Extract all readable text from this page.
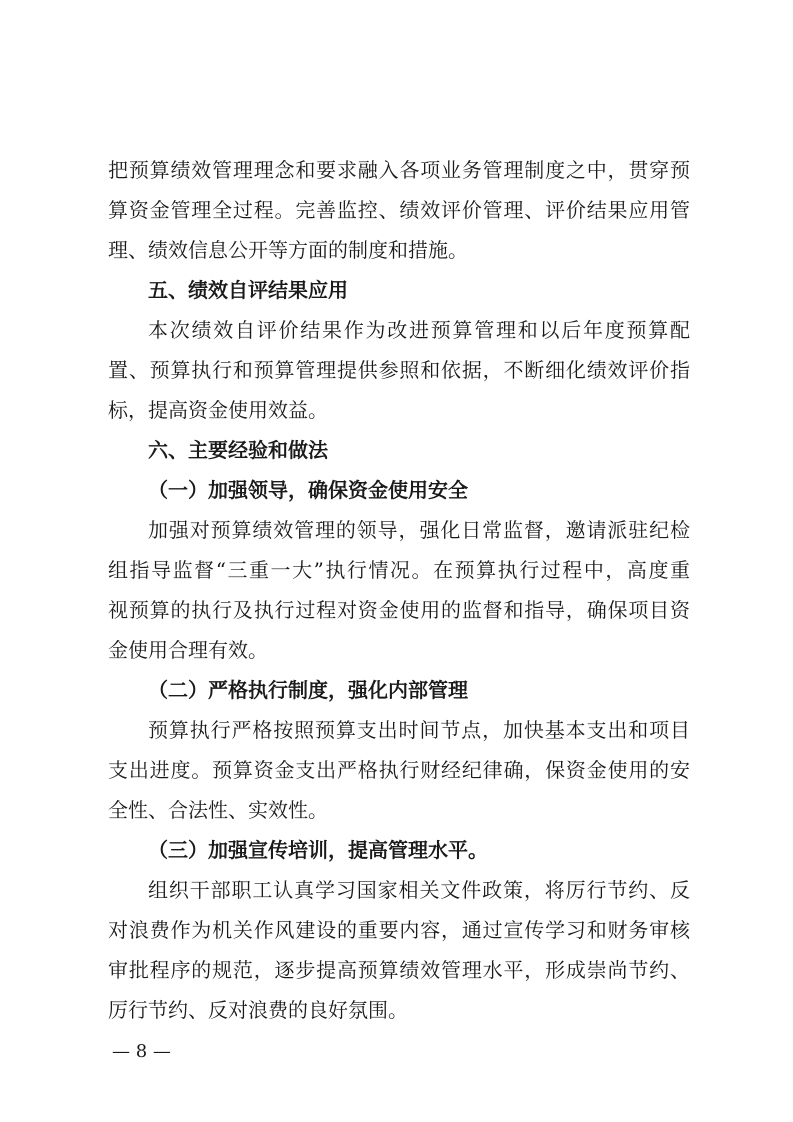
把预算绩效管理理念和要求融入各项业务管理制度之中，贯穿预
算资金管理全过程。完善监控、绩效评价管理、评价结果应用管
理、绩效信息公开等方面的制度和措施。
五、绩效自评结果应用
本次绩效自评价结果作为改进预算管理和以后年度预算配
置、预算执行和预算管理提供参照和依据，不断细化绩效评价指
标，提高资金使用效益。
六、主要经验和做法
（一）加强领导，确保资金使用安全
加强对预算绩效管理的领导，强化日常监督，邀请派驻纪检
组指导监督“三重一大”执行情况。在预算执行过程中，高度重
视预算的执行及执行过程对资金使用的监督和指导，确保项目资
金使用合理有效。
（二）严格执行制度，强化内部管理
预算执行严格按照预算支出时间节点，加快基本支出和项目
支出进度。预算资金支出严格执行财经纪律确，保资金使用的安
全性、合法性、实效性。
（三）加强宣传培训，提高管理水平。
组织干部职工认真学习国家相关文件政策，将厉行节约、反
对浪费作为机关作风建设的重要内容，通过宣传学习和财务审核
审批程序的规范，逐步提高预算绩效管理水平，形成崇尚节约、
厉行节约、反对浪费的良好氛围。
— 8 —
